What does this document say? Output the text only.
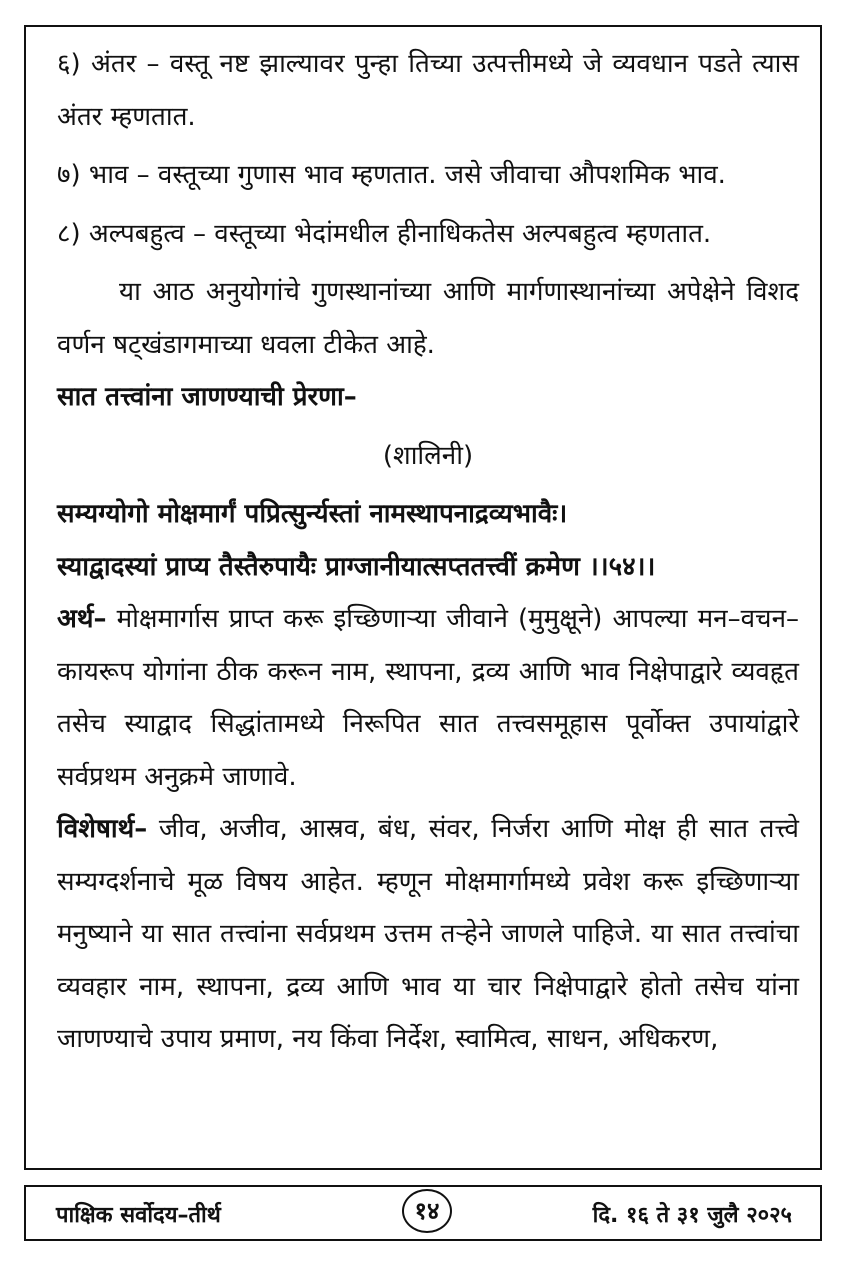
६) अंतर – वस्तू नष्ट झाल्यावर पुन्हा तिच्या उत्पत्तीमध्ये जे व्यवधान पडते त्यास अंतर म्हणतात.

७) भाव – वस्तूच्या गुणास भाव म्हणतात. जसे जीवाचा औपशमिक भाव.

८) अल्पबहुत्व – वस्तूच्या भेदांमधील हीनाधिकतेस अल्पबहुत्व म्हणतात.

या आठ अनुयोगांचे गुणस्थानांच्या आणि मार्गणास्थानांच्या अपेक्षेने विशद वर्णन षट्खंडागमाच्या धवला टीकेत आहे.

सात तत्त्वांना जाणण्याची प्रेरणा–

(शालिनी)

सम्यग्योगो मोक्षमार्गं पप्रित्सुर्न्यस्तां नामस्थापनाद्रव्यभावैः।

स्याद्वादस्यां प्राप्य तैस्तैरुपायैः प्राग्जानीयात्सप्ततत्त्वीं क्रमेण ।।५४।।

अर्थ– मोक्षमार्गास प्राप्त करू इच्छिणाऱ्या जीवाने (मुमुक्षूने) आपल्या मन–वचन–कायरूप योगांना ठीक करून नाम, स्थापना, द्रव्य आणि भाव निक्षेपाद्वारे व्यवहृत तसेच स्याद्वाद सिद्धांतामध्ये निरूपित सात तत्त्वसमूहास पूर्वोक्त उपायांद्वारे सर्वप्रथम अनुक्रमे जाणावे.

विशेषार्थ– जीव, अजीव, आस्रव, बंध, संवर, निर्जरा आणि मोक्ष ही सात तत्त्वे सम्यग्दर्शनाचे मूळ विषय आहेत. म्हणून मोक्षमार्गामध्ये प्रवेश करू इच्छिणाऱ्या मनुष्याने या सात तत्त्वांना सर्वप्रथम उत्तम तऱ्हेने जाणले पाहिजे. या सात तत्त्वांचा व्यवहार नाम, स्थापना, द्रव्य आणि भाव या चार निक्षेपाद्वारे होतो तसेच यांना जाणण्याचे उपाय प्रमाण, नय किंवा निर्देश, स्वामित्व, साधन, अधिकरण,

पाक्षिक सर्वोदय–तीर्थ	१४	दि. १६ ते ३१ जुलै २०२५
